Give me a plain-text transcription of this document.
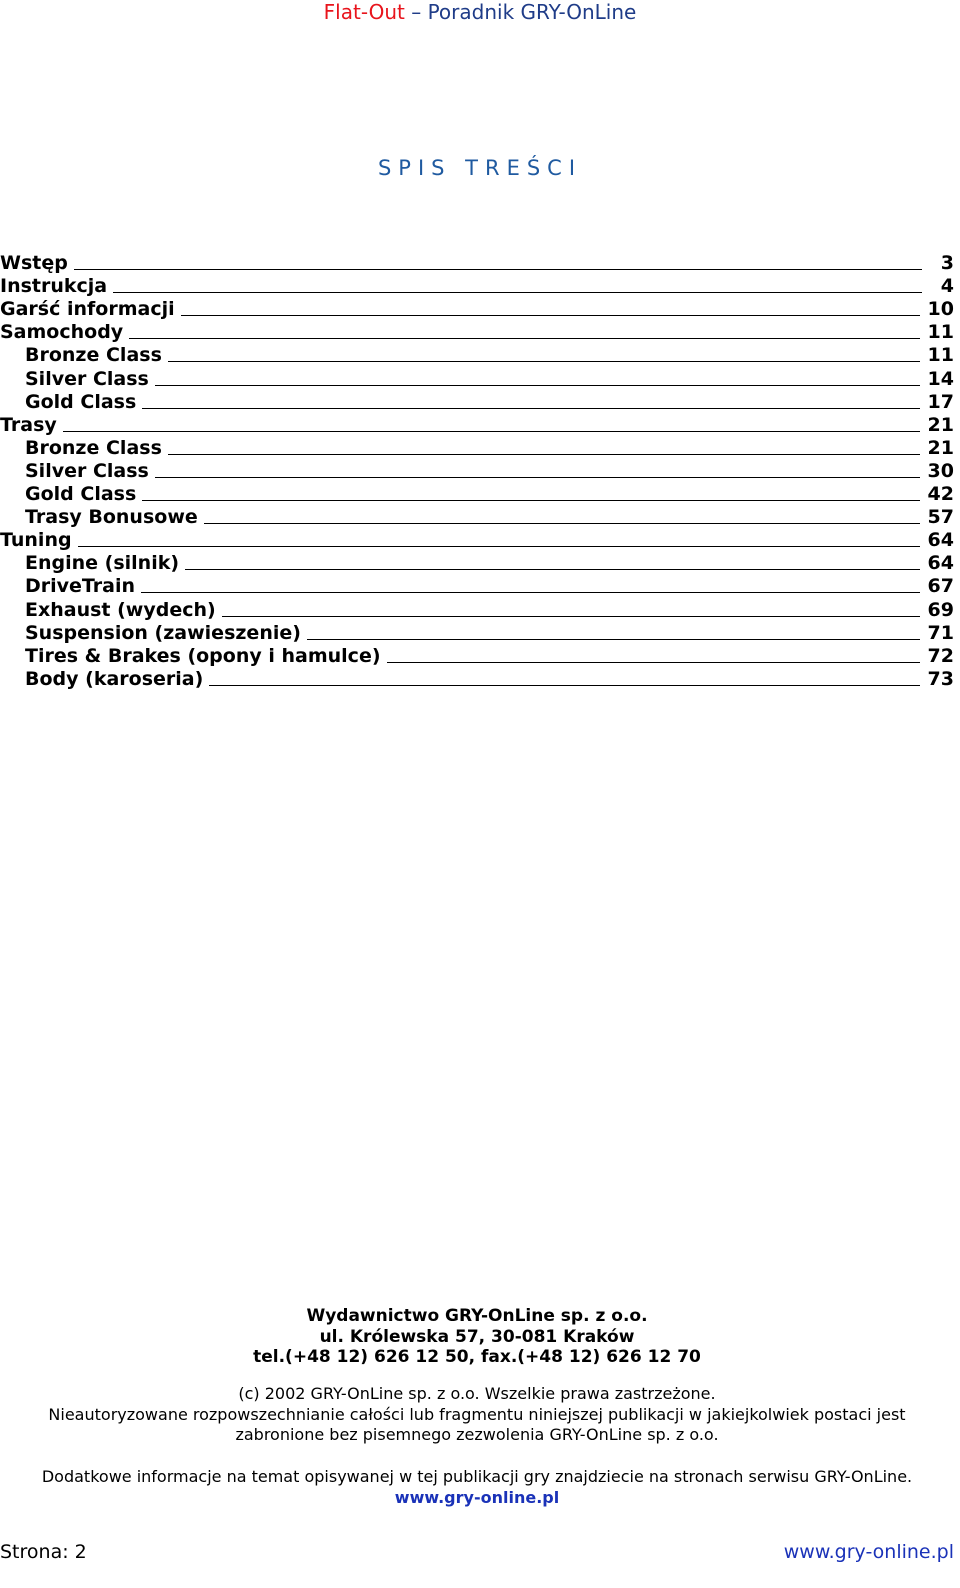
Flat-Out – Poradnik GRY-OnLine
SPIS TREŚCI
Wstęp	3
Instrukcja	4
Garść informacji	10
Samochody	11
Bronze Class	11
Silver Class	14
Gold Class	17
Trasy	21
Bronze Class	21
Silver Class	30
Gold Class	42
Trasy Bonusowe	57
Tuning	64
Engine (silnik)	64
DriveTrain	67
Exhaust (wydech)	69
Suspension (zawieszenie)	71
Tires & Brakes (opony i hamulce)	72
Body (karoseria)	73
Wydawnictwo GRY-OnLine sp. z o.o.
ul. Królewska 57, 30-081 Kraków
tel.(+48 12) 626 12 50, fax.(+48 12) 626 12 70
(c) 2002 GRY-OnLine sp. z o.o. Wszelkie prawa zastrzeżone.
Nieautoryzowane rozpowszechnianie całości lub fragmentu niniejszej publikacji w jakiejkolwiek postaci jest
zabronione bez pisemnego zezwolenia GRY-OnLine sp. z o.o.
Dodatkowe informacje na temat opisywanej w tej publikacji gry znajdziecie na stronach serwisu GRY-OnLine.
www.gry-online.pl
Strona: 2	www.gry-online.pl
